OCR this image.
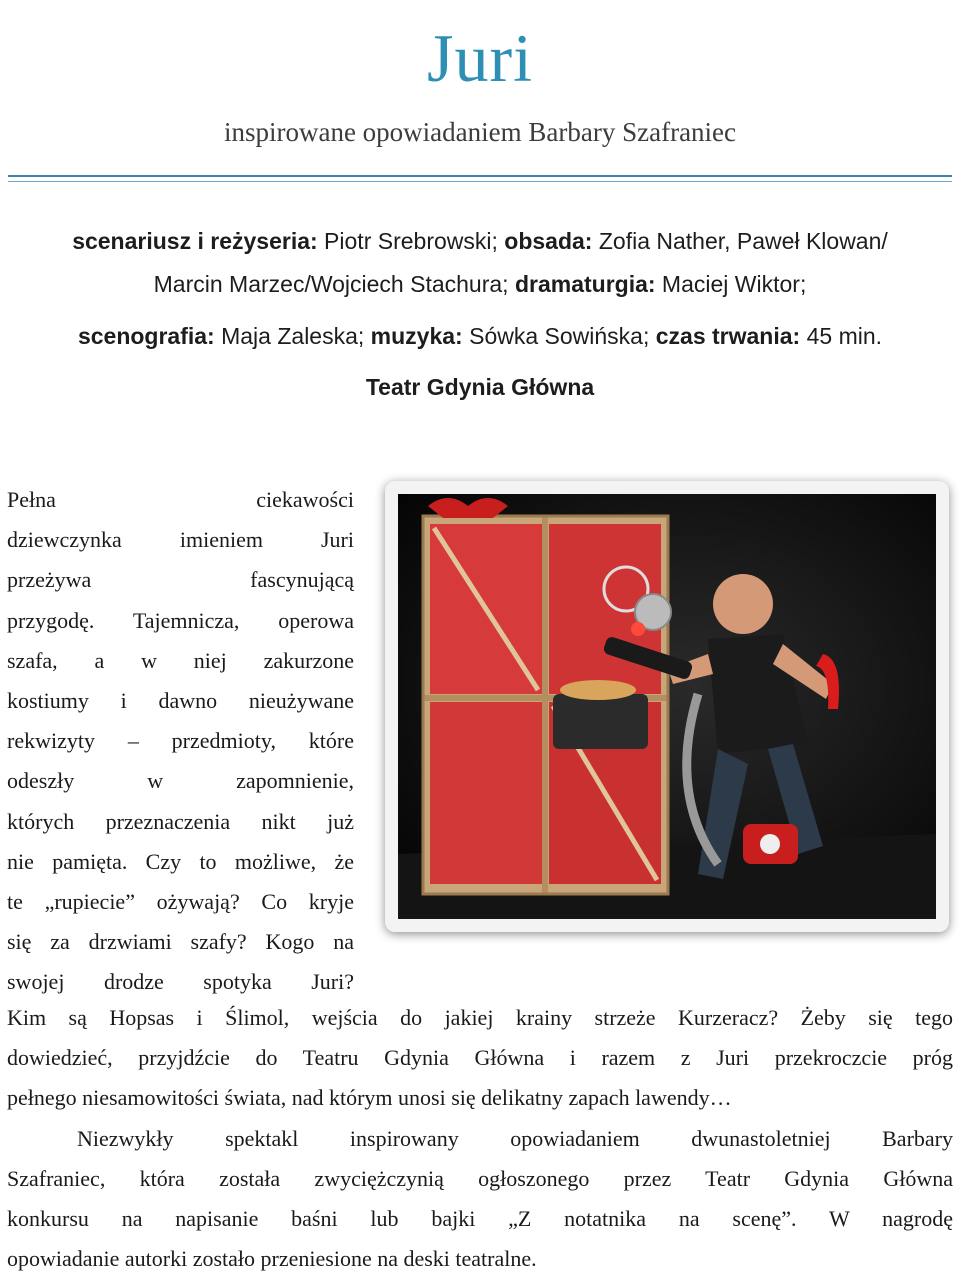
Juri
inspirowane opowiadaniem Barbary Szafraniec
scenariusz i reżyseria: Piotr Srebrowski; obsada: Zofia Nather, Paweł Klowan/
Marcin Marzec/Wojciech Stachura; dramaturgia: Maciej Wiktor;
scenografia: Maja Zaleska; muzyka: Sówka Sowińska; czas trwania: 45 min.
Teatr Gdynia Główna
Pełna ciekawości
dziewczynka imieniem Juri
przeżywa fascynującą
przygodę. Tajemnicza, operowa
szafa, a w niej zakurzone
kostiumy i dawno nieużywane
rekwizyty – przedmioty, które
odeszły w zapomnienie,
których przeznaczenia nikt już
nie pamięta. Czy to możliwe, że
te „rupiecie” ożywają? Co kryje
się za drzwiami szafy? Kogo na
swojej drodze spotyka Juri?
Kim są Hopsas i Ślimol, wejścia do jakiej krainy strzeże Kurzeracz? Żeby się tego
dowiedzieć, przyjdźcie do Teatru Gdynia Główna i razem z Juri przekroczcie próg
pełnego niesamowitości świata, nad którym unosi się delikatny zapach lawendy…
Niezwykły spektakl inspirowany opowiadaniem dwunastoletniej Barbary
Szafraniec, która została zwyciężczynią ogłoszonego przez Teatr Gdynia Główna
konkursu na napisanie baśni lub bajki „Z notatnika na scenę”. W nagrodę
opowiadanie autorki zostało przeniesione na deski teatralne.
